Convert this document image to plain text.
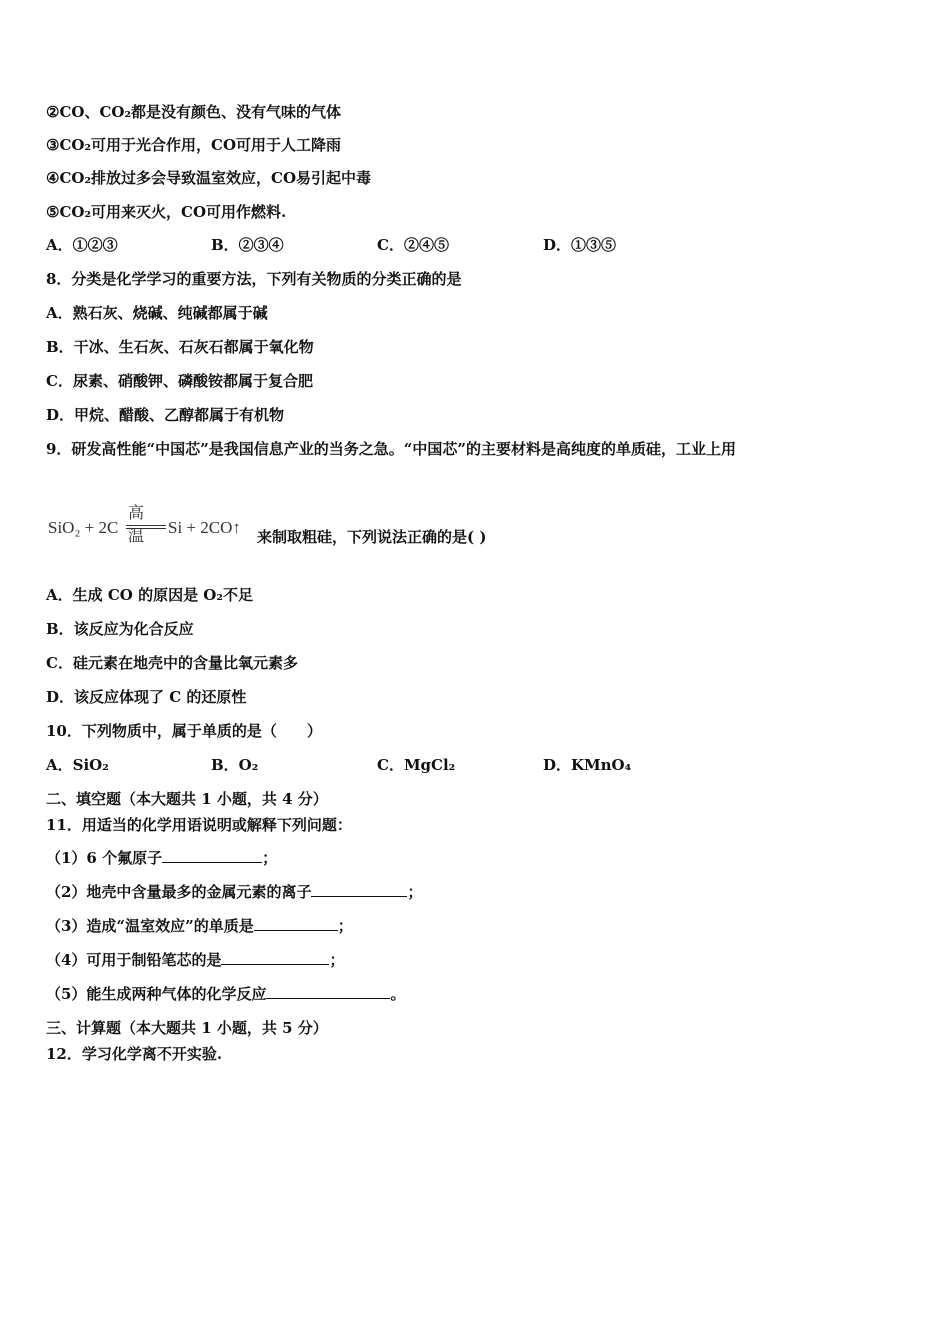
②CO、CO₂都是没有颜色、没有气味的气体
③CO₂可用于光合作用，CO可用于人工降雨
④CO₂排放过多会导致温室效应，CO易引起中毒
⑤CO₂可用来灭火，CO可用作燃料.
A．①②③	B．②③④	C．②④⑤	D．①③⑤
8．分类是化学学习的重要方法，下列有关物质的分类正确的是
A．熟石灰、烧碱、纯碱都属于碱
B．干冰、生石灰、石灰石都属于氧化物
C．尿素、硝酸钾、磷酸铵都属于复合肥
D．甲烷、醋酸、乙醇都属于有机物
9．研发高性能“中国芯”是我国信息产业的当务之急。“中国芯”的主要材料是高纯度的单质硅，工业上用
SiO₂ + 2C
高温 Si + 2CO↑ 来制取粗硅，下列说法正确的是( )
A．生成 CO 的原因是 O₂不足
B．该反应为化合反应
C．硅元素在地壳中的含量比氧元素多
D．该反应体现了 C 的还原性
10．下列物质中，属于单质的是（　　）
A．SiO₂	B．O₂	C．MgCl₂	D．KMnO₄
二、填空题（本大题共 1 小题，共 4 分）
11．用适当的化学用语说明或解释下列问题：
（1）6 个氟原子	；
（2）地壳中含量最多的金属元素的离子	；
（3）造成“温室效应”的单质是	；
（4）可用于制铅笔芯的是	；
（5）能生成两种气体的化学反应	。
三、计算题（本大题共 1 小题，共 5 分）
12．学习化学离不开实验.
